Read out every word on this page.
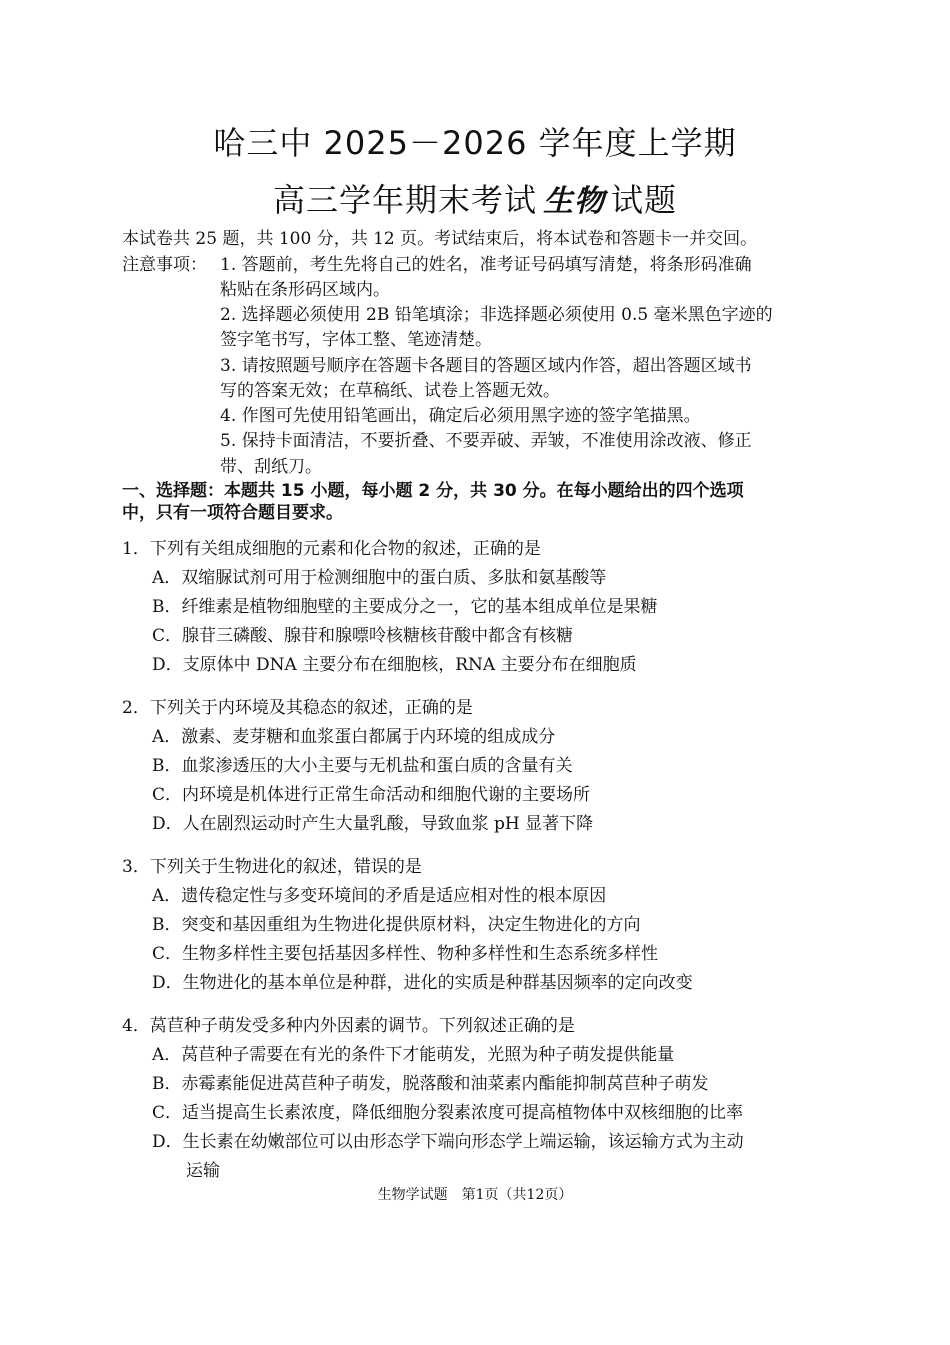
哈三中 2025－2026 学年度上学期
高三学年期末考试 生物 试题
本试卷共 25 题，共 100 分，共 12 页。考试结束后，将本试卷和答题卡一并交回。
注意事项： 1. 答题前，考生先将自己的姓名，准考证号码填写清楚，将条形码准确
粘贴在条形码区域内。
2. 选择题必须使用 2B 铅笔填涂；非选择题必须使用 0.5 毫米黑色字迹的
签字笔书写，字体工整、笔迹清楚。
3. 请按照题号顺序在答题卡各题目的答题区域内作答，超出答题区域书
写的答案无效；在草稿纸、试卷上答题无效。
4. 作图可先使用铅笔画出，确定后必须用黑字迹的签字笔描黑。
5. 保持卡面清洁，不要折叠、不要弄破、弄皱，不准使用涂改液、修正
带、刮纸刀。
一、选择题：本题共 15 小题，每小题 2 分，共 30 分。在每小题给出的四个选项
中，只有一项符合题目要求。
1．下列有关组成细胞的元素和化合物的叙述，正确的是
A．双缩脲试剂可用于检测细胞中的蛋白质、多肽和氨基酸等
B．纤维素是植物细胞壁的主要成分之一，它的基本组成单位是果糖
C．腺苷三磷酸、腺苷和腺嘌呤核糖核苷酸中都含有核糖
D．支原体中 DNA 主要分布在细胞核，RNA 主要分布在细胞质
2．下列关于内环境及其稳态的叙述，正确的是
A．激素、麦芽糖和血浆蛋白都属于内环境的组成成分
B．血浆渗透压的大小主要与无机盐和蛋白质的含量有关
C．内环境是机体进行正常生命活动和细胞代谢的主要场所
D．人在剧烈运动时产生大量乳酸，导致血浆 pH 显著下降
3．下列关于生物进化的叙述，错误的是
A．遗传稳定性与多变环境间的矛盾是适应相对性的根本原因
B．突变和基因重组为生物进化提供原材料，决定生物进化的方向
C．生物多样性主要包括基因多样性、物种多样性和生态系统多样性
D．生物进化的基本单位是种群，进化的实质是种群基因频率的定向改变
4．莴苣种子萌发受多种内外因素的调节。下列叙述正确的是
A．莴苣种子需要在有光的条件下才能萌发，光照为种子萌发提供能量
B．赤霉素能促进莴苣种子萌发，脱落酸和油菜素内酯能抑制莴苣种子萌发
C．适当提高生长素浓度，降低细胞分裂素浓度可提高植物体中双核细胞的比率
D．生长素在幼嫩部位可以由形态学下端向形态学上端运输，该运输方式为主动
运输
生物学试题　第1页（共12页）
